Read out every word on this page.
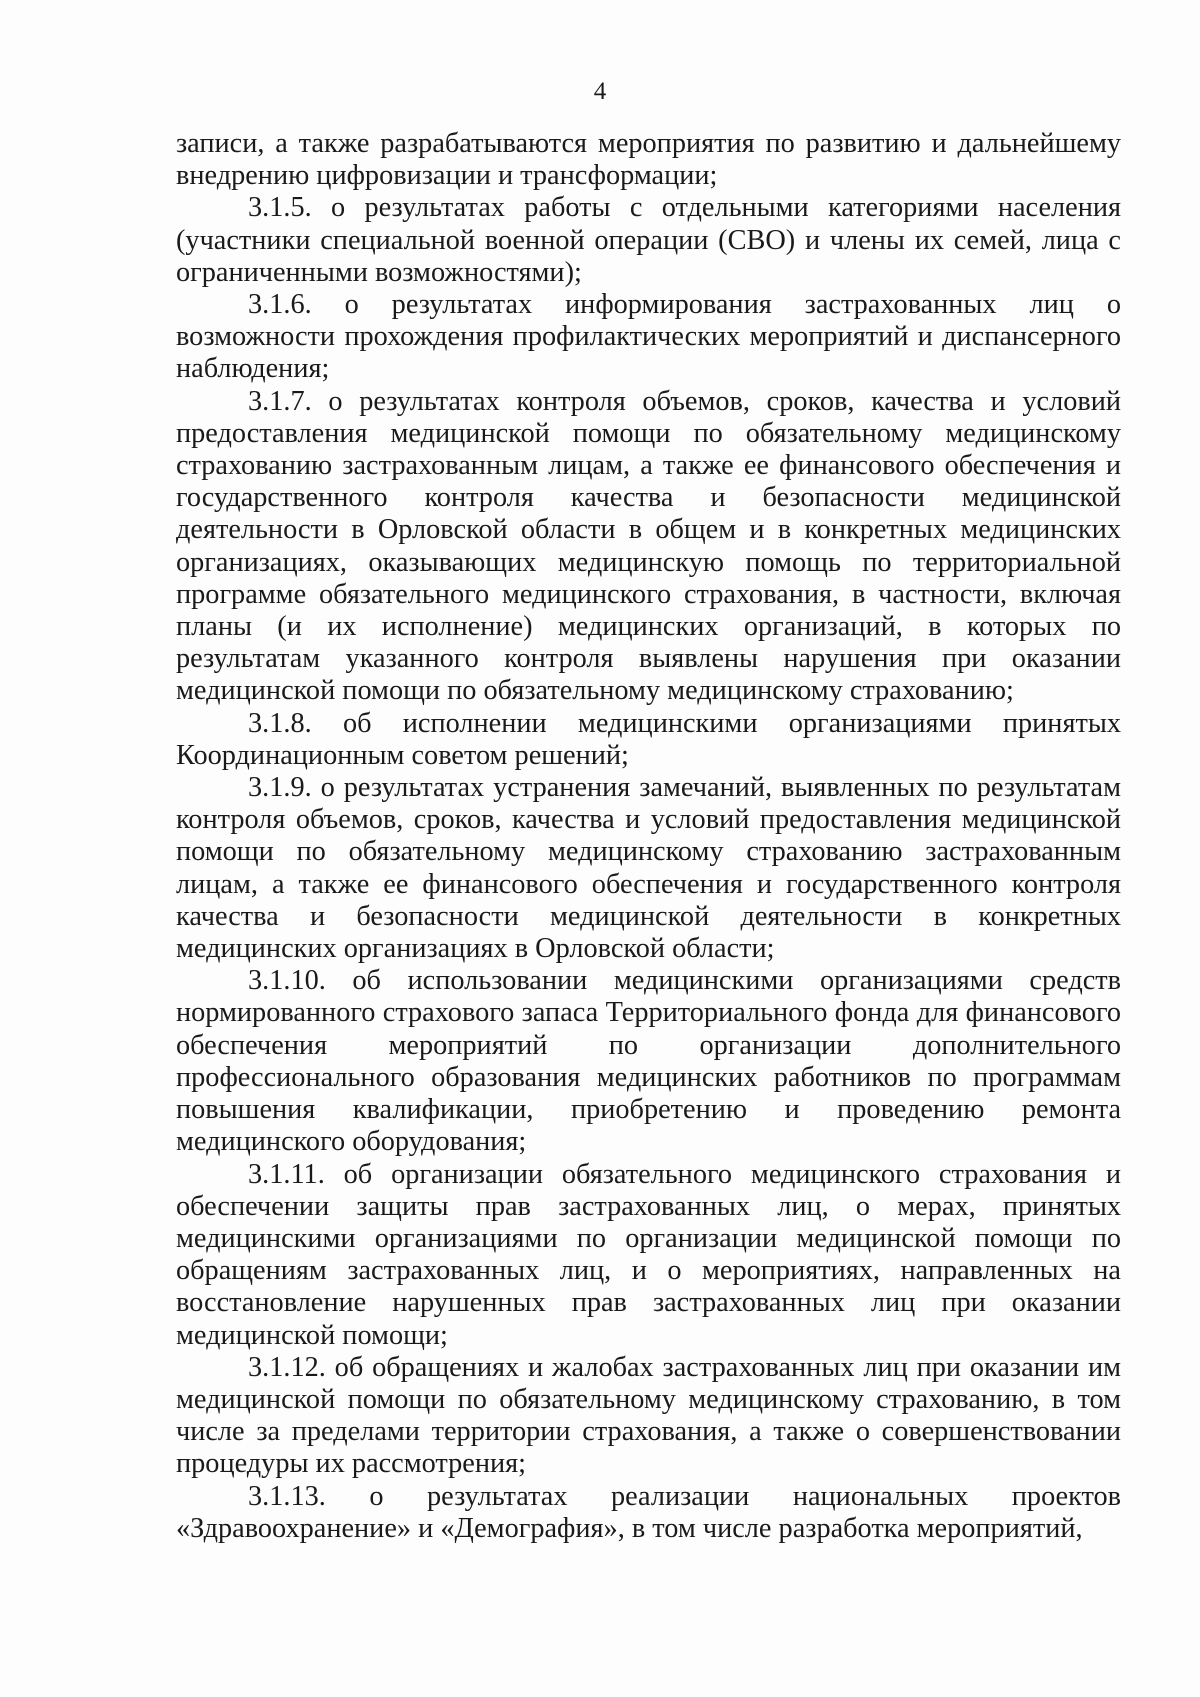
4

записи, а также разрабатываются мероприятия по развитию и дальнейшему внедрению цифровизации и трансформации;

3.1.5. о результатах работы с отдельными категориями населения (участники специальной военной операции (СВО) и члены их семей, лица с ограниченными возможностями);

3.1.6. о результатах информирования застрахованных лиц о возможности прохождения профилактических мероприятий и диспансерного наблюдения;

3.1.7. о результатах контроля объемов, сроков, качества и условий предоставления медицинской помощи по обязательному медицинскому страхованию застрахованным лицам, а также ее финансового обеспечения и государственного контроля качества и безопасности медицинской деятельности в Орловской области в общем и в конкретных медицинских организациях, оказывающих медицинскую помощь по территориальной программе обязательного медицинского страхования, в частности, включая планы (и их исполнение) медицинских организаций, в которых по результатам указанного контроля выявлены нарушения при оказании медицинской помощи по обязательному медицинскому страхованию;

3.1.8. об исполнении медицинскими организациями принятых Координационным советом решений;

3.1.9. о результатах устранения замечаний, выявленных по результатам контроля объемов, сроков, качества и условий предоставления медицинской помощи по обязательному медицинскому страхованию застрахованным лицам, а также ее финансового обеспечения и государственного контроля качества и безопасности медицинской деятельности в конкретных медицинских организациях в Орловской области;

3.1.10. об использовании медицинскими организациями средств нормированного страхового запаса Территориального фонда для финансового обеспечения мероприятий по организации дополнительного профессионального образования медицинских работников по программам повышения квалификации, приобретению и проведению ремонта медицинского оборудования;

3.1.11. об организации обязательного медицинского страхования и обеспечении защиты прав застрахованных лиц, о мерах, принятых медицинскими организациями по организации медицинской помощи по обращениям застрахованных лиц, и о мероприятиях, направленных на восстановление нарушенных прав застрахованных лиц при оказании медицинской помощи;

3.1.12. об обращениях и жалобах застрахованных лиц при оказании им медицинской помощи по обязательному медицинскому страхованию, в том числе за пределами территории страхования, а также о совершенствовании процедуры их рассмотрения;

3.1.13. о результатах реализации национальных проектов «Здравоохранение» и «Демография», в том числе разработка мероприятий,
